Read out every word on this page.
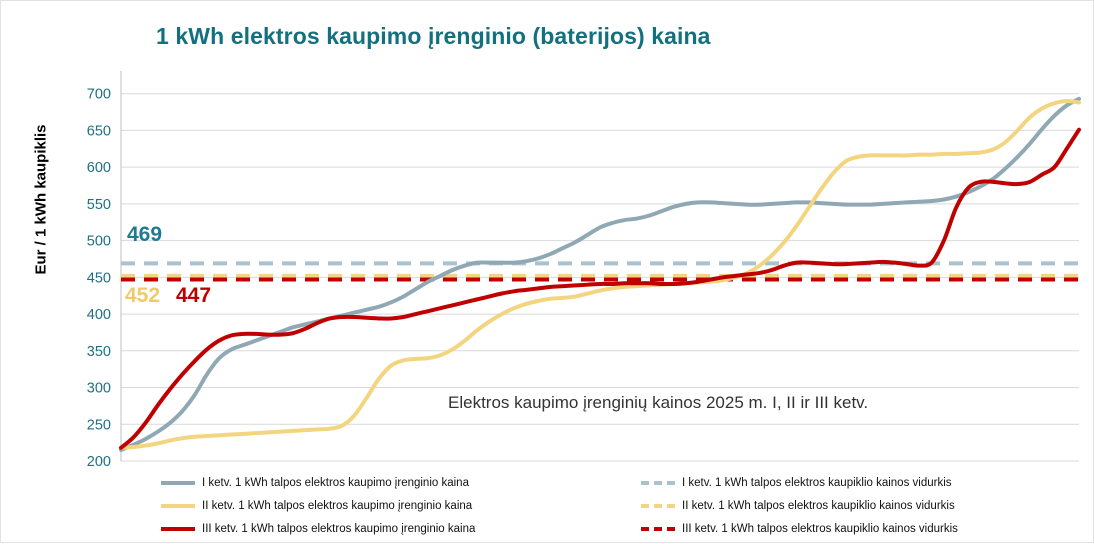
1 kWh elektros kaupimo įrenginio (baterijos) kaina
Eur / 1 kWh kaupiklis
200
250
300
350
400
450
500
550
600
650
700
469
452 447
Elektros kaupimo įrenginių kainos 2025 m. I, II ir III ketv.
I ketv. 1 kWh talpos elektros kaupimo įrenginio kaina	I ketv. 1 kWh talpos elektros kaupiklio kainos vidurkis
II ketv. 1 kWh talpos elektros kaupimo įrenginio kaina	II ketv. 1 kWh talpos elektros kaupiklio kainos vidurkis
III ketv. 1 kWh talpos elektros kaupimo įrenginio kaina	III ketv. 1 kWh talpos elektros kaupiklio kainos vidurkis
